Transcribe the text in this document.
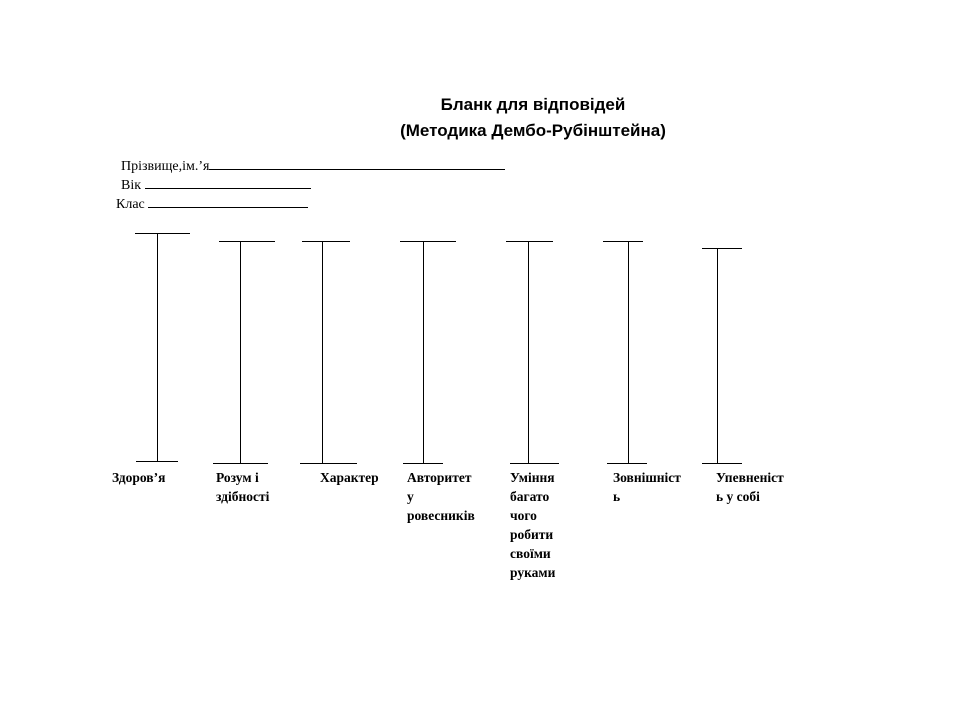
Бланк для відповідей
(Методика Дембо-Рубінштейна)
Прізвище,ім.’я
Вік
Клас
Здоров’я	Розум і
здібності
Характер Авторитет
у
ровесників
Уміння
багато
чого
робити
своїми
руками
Зовнішніст
ь
Упевненіст
ь у собі
